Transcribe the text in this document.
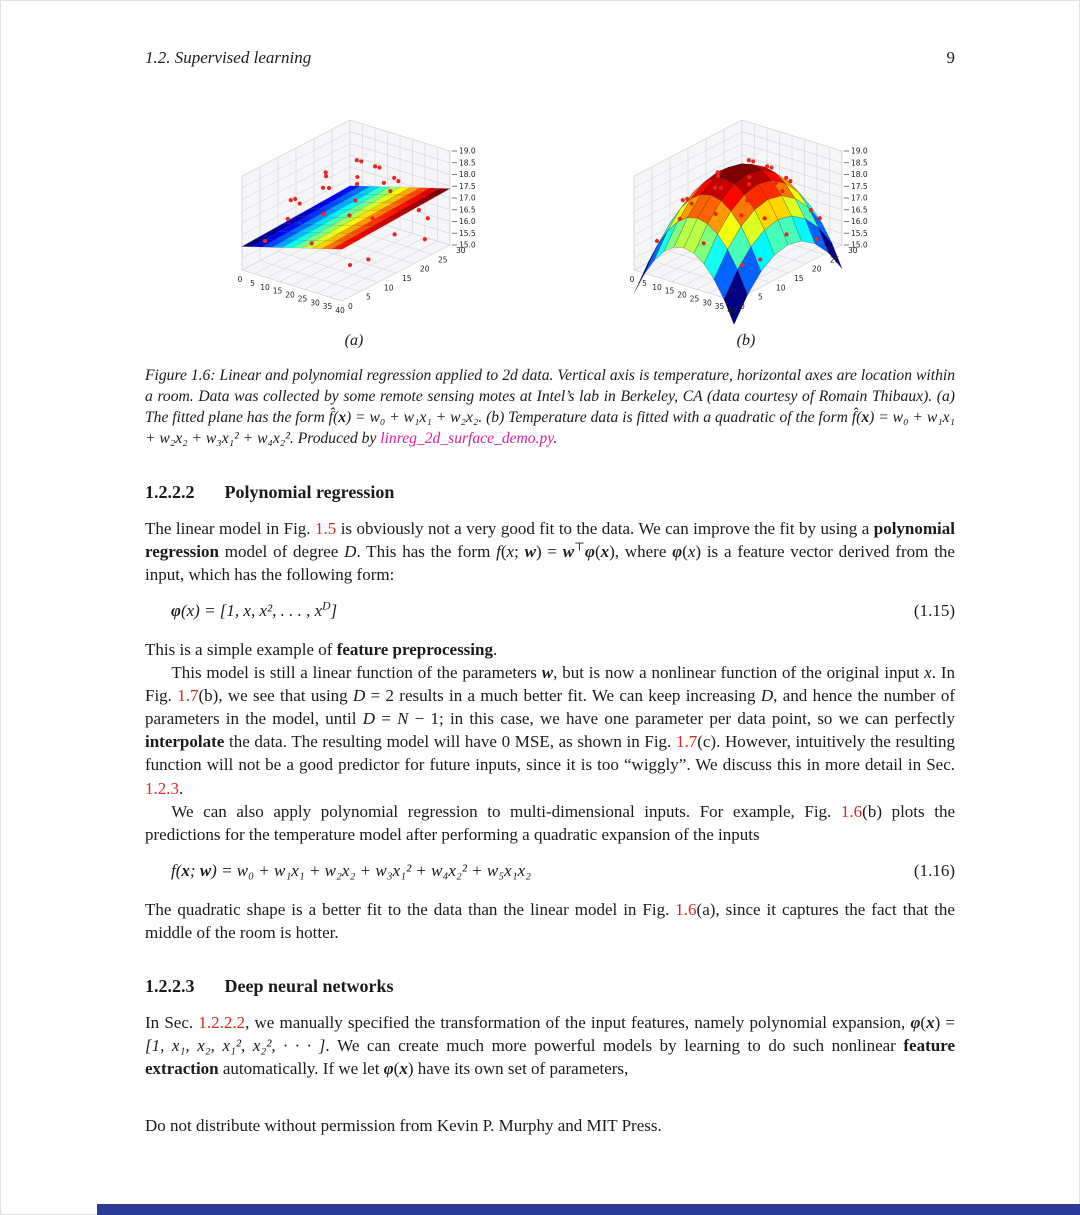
1.2. Supervised learning	9
(a)	(b)
Figure 1.6: Linear and polynomial regression applied to 2d data. Vertical axis is temperature, horizontal axes are location within a room. Data was collected by some remote sensing motes at Intel’s lab in Berkeley, CA (data courtesy of Romain Thibaux). (a) The fitted plane has the form f̂(x) = w₀ + w₁x₁ + w₂x₂. (b) Temperature data is fitted with a quadratic of the form f̂(x) = w₀ + w₁x₁ + w₂x₂ + w₃x₁² + w₄x₂². Produced by linreg_2d_surface_demo.py.
1.2.2.2 Polynomial regression

The linear model in Fig. 1.5 is obviously not a very good fit to the data. We can improve the fit by using a polynomial regression model of degree D. This has the form f(x; w) = w⊤φ(x), where φ(x) is a feature vector derived from the input, which has the following form:

φ(x) = [1, x, x², . . . , $x^D$]	(1.15)

This is a simple example of feature preprocessing.

This model is still a linear function of the parameters w, but is now a nonlinear function of the original input x. In Fig. 1.7(b), we see that using D = 2 results in a much better fit. We can keep increasing D, and hence the number of parameters in the model, until D = N − 1; in this case, we have one parameter per data point, so we can perfectly interpolate the data. The resulting model will have 0 MSE, as shown in Fig. 1.7(c). However, intuitively the resulting function will not be a good predictor for future inputs, since it is too “wiggly”. We discuss this in more detail in Sec. 1.2.3.

We can also apply polynomial regression to multi-dimensional inputs. For example, Fig. 1.6(b) plots the predictions for the temperature model after performing a quadratic expansion of the inputs

f(x; w) = w₀ + w₁x₁ + w₂x₂ + w₃x₁² + w₄x₂² + w₅x₁x₂	(1.16)

The quadratic shape is a better fit to the data than the linear model in Fig. 1.6(a), since it captures the fact that the middle of the room is hotter.

1.2.2.3 Deep neural networks

In Sec. 1.2.2.2, we manually specified the transformation of the input features, namely polynomial expansion, φ(x) = [1, x₁, x₂, x₁², x₂², · · · ]. We can create much more powerful models by learning to do such nonlinear feature extraction automatically. If we let φ(x) have its own set of parameters,

Do not distribute without permission from Kevin P. Murphy and MIT Press.
